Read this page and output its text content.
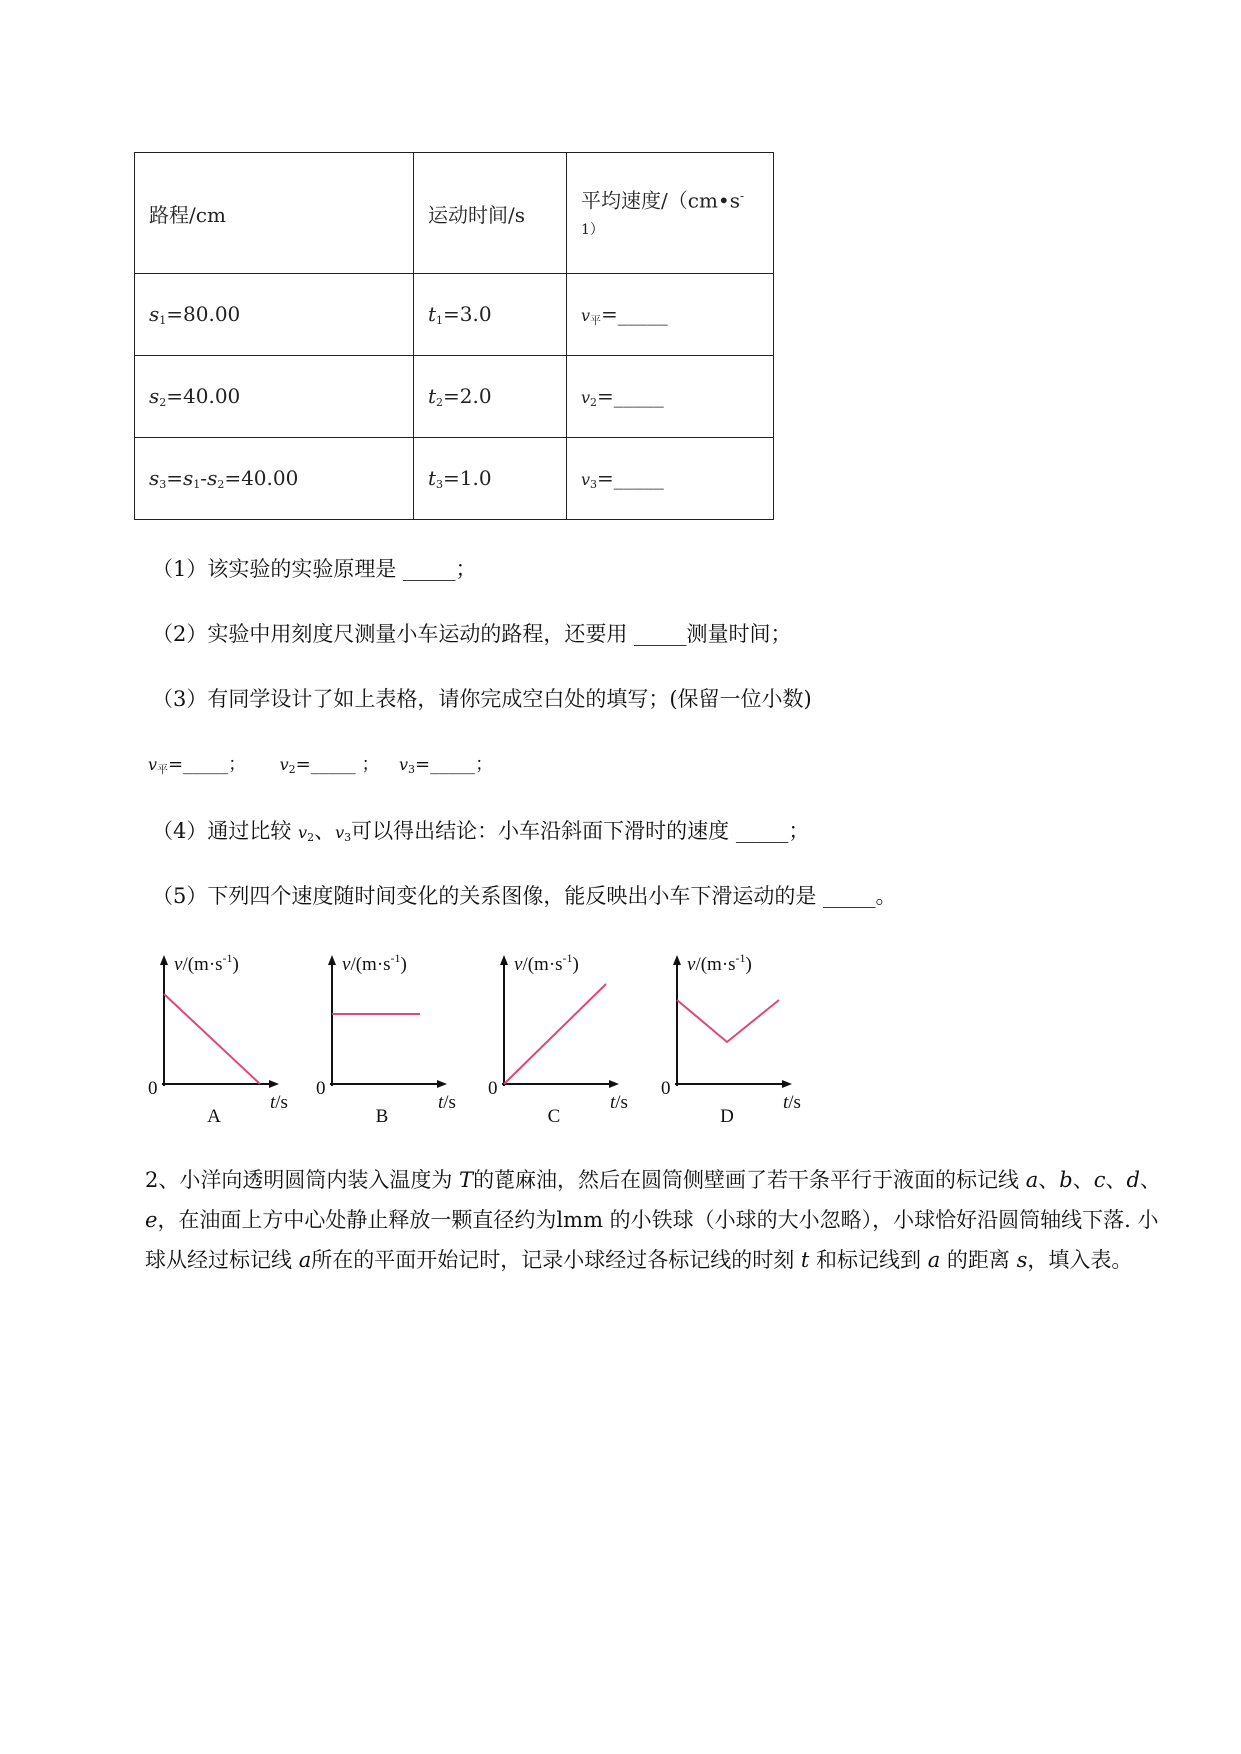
路程/cm	运动时间/s	平均速度/（cm•s-
1）

$s_1=80.00$	$t_1=3.0$	$v_平=\_\_\_\_\_$
$s_2=40.00$	$t_2=2.0$	$v_2=\_\_\_\_\_$
$s_3=s_1-s_2=40.00$	$t_3=1.0$	$v_3=\_\_\_\_\_$
（1）该实验的实验原理是 _____；
（2）实验中用刻度尺测量小车运动的路程，还要用 _____测量时间；
（3）有同学设计了如上表格，请你完成空白处的填写；(保留一位小数)
$v_平=\_\_\_\_\_$； $v_2=\_\_\_\_\_$ ； $v_3=\_\_\_\_\_$；
（4）通过比较 $v_2$、$v_3$可以得出结论：小车沿斜面下滑时的速度 _____；
（5）下列四个速度随时间变化的关系图像，能反映出小车下滑运动的是 _____。
$v/(m\cdot s^{-1})$
0
t/s
A
$v/(m\cdot s^{-1})$
0
t/s
B
$v/(m\cdot s^{-1})$
0
t/s
C
$v/(m\cdot s^{-1})$
0
t/s
D
2、小洋向透明圆筒内装入温度为 T的蓖麻油，然后在圆筒侧壁画了若干条平行于液面的标记线 a、b、c、d、e，在油面上方中心处静止释放一颗直径约为lmm 的小铁球（小球的大小忽略），小球恰好沿圆筒轴线下落. 小球从经过标记线 a所在的平面开始记时，记录小球经过各标记线的时刻 t 和标记线到 a 的距离 s，填入表。
